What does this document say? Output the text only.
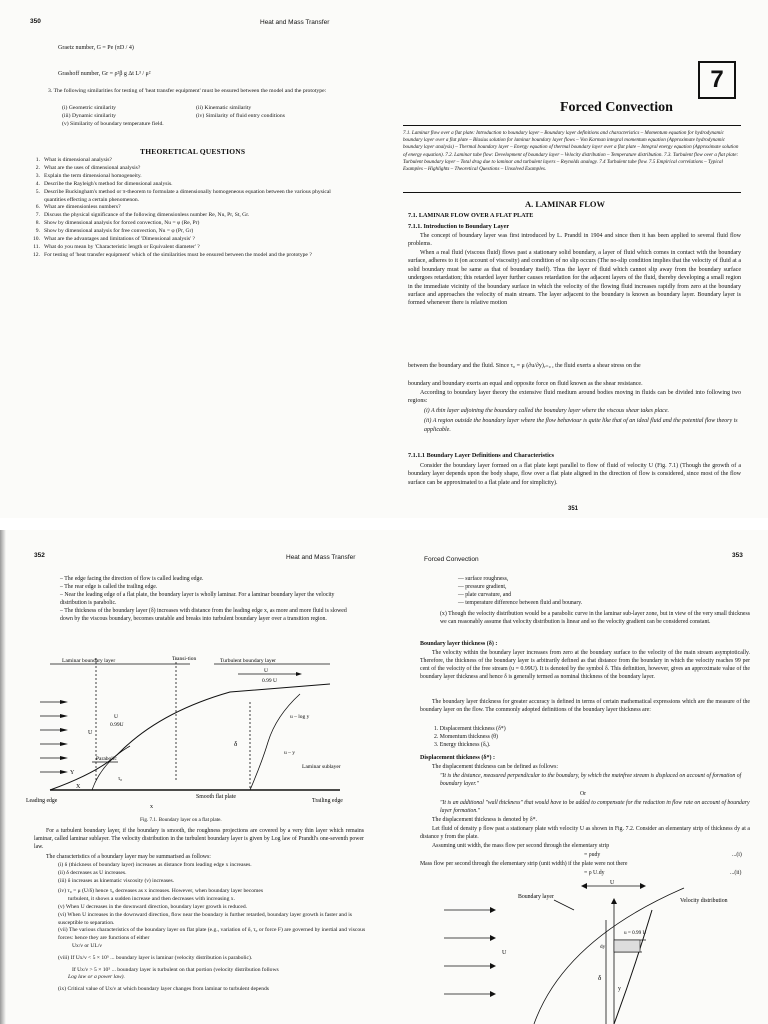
350	Heat and Mass Transfer
Graetz number, G = Pe (πD / 4)
Grashoff number, Gr = ρ²β g Δt L³ / μ²
3. The following similarities for testing of 'heat transfer equipment' must be ensured between the model and the prototype:
(i) Geometric similarity
(iii) Dynamic similarity
(v) Similarity of boundary temperature field.
(ii) Kinematic similarity
(iv) Similarity of fluid entry conditions
THEORETICAL QUESTIONS
1. What is dimensional analysis?
2. What are the uses of dimensional analysis?
3. Explain the term dimensional homogeneity.
4. Describe the Rayleigh's method for dimensional analysis.
5. Describe Buckingham's method or π-theorem to formulate a dimensionally homogeneous equation between the various physical quantities effecting a certain phenomenon.
6. What are dimensionless numbers?
7. Discuss the physical significance of the following dimensionless number Re, Nu, Pr, St, Gr.
8. Show by dimensional analysis for forced convection, Nu = φ (Re, Pr)
9. Show by dimensional analysis for free convection, Nu = φ (Pr, Gr)
10. What are the advantages and limitations of 'Dimensional analysis' ?
11. What do you mean by 'Characteristic length or Equivalent diameter' ?
12. For testing of 'heat transfer equipment' which of the similarities must be ensured between the model and the prototype ?
7
Forced Convection
7.1. Laminar flow over a flat plate: Introduction to boundary layer – Boundary layer definitions and characteristics – Momentum equation for hydrodynamic boundary layer over a flat plate – Blasius solution for laminar boundary layer flows – Von Karman integral momentum equation (Approximate hydrodynamic boundary layer analysis) – Thermal boundary layer – Energy equation of thermal boundary layer over a flat plate – Integral energy equation (Approximate solution of energy equation). 7.2. Laminar tube flow: Development of boundary layer – Velocity distribution – Temperature distribution. 7.3. Turbulent flow over a flat plate: Turbulent boundary layer – Total drag due to laminar and turbulent layers – Reynolds analogy. 7.4 Turbulent tube flow. 7.5 Empirical correlations – Typical Examples – Highlights – Theoretical Questions – Unsolved Examples.
A. LAMINAR FLOW
7.1. LAMINAR FLOW OVER A FLAT PLATE
7.1.1. Introduction to Boundary Layer
The concept of boundary layer was first introduced by L. Prandtl in 1904 and since then it has been applied to several fluid flow problems.
When a real fluid (viscous fluid) flows past a stationary solid boundary, a layer of fluid which comes in contact with the boundary surface, adheres to it (on account of viscosity) and condition of no slip occurs (The no-slip condition implies that the velocity of fluid at a solid boundary must be same as that of boundary itself). Thus the layer of fluid which cannot slip away from the boundary surface undergoes retardation; this retarded layer further causes retardation for the adjacent layers of the fluid, thereby developing a small region in the immediate vicinity of the boundary surface in which the velocity of the flowing fluid increases rapidly from zero at the boundary surface and approaches the velocity of main stream. The layer adjacent to the boundary is known as boundary layer. Boundary layer is formed whenever there is relative motion
between the boundary and the fluid. Since τ₀ = μ (∂u/∂y)ᵧ₌₀ , the fluid exerts a shear stress on the
boundary and boundary exerts an equal and opposite force on fluid known as the shear resistance.
According to boundary layer theory the extensive fluid medium around bodies moving in fluids can be divided into following two regions:

(i) A thin layer adjoining the boundary called the boundary layer where the viscous shear takes place.

(ii) A region outside the boundary layer where the flow behaviour is quite like that of an ideal fluid and the potential flow theory is applicable.

7.1.1.1 Boundary Layer Definitions and Characteristics
Consider the boundary layer formed on a flat plate kept parallel to flow of fluid of velocity U (Fig. 7.1) (Though the growth of a boundary layer depends upon the body shape, flow over a flat plate aligned in the direction of flow is considered, since most of the flow surface can be approximated to a flat plate and for simplicity).
351
352	Heat and Mass Transfer

– The edge facing the direction of flow is called leading edge.

– The rear edge is called the trailing edge.

– Near the leading edge of a flat plate, the boundary layer is wholly laminar. For a laminar boundary layer the velocity distribution is parabolic.

– The thickness of the boundary layer (δ) increases with distance from the leading edge x, as more and more fluid is slowed down by the viscous boundary, becomes unstable and breaks into turbulent boundary layer over a transition region.

Laminar boundary layer	Transi-tion	Turbulent boundary layer
0.99 U
U
u – log y
Parabolic
Laminar sublayer
Leading edge
Smooth flat plate
Trailing edge
0.99U
U
δ
Y
X
x
τ₀
u – y
U
Fig. 7.1. Boundary layer on a flat plate.
For a turbulent boundary layer, if the boundary is smooth, the roughness projections are covered by a very thin layer which remains laminar, called laminar sublayer. The velocity distribution in the turbulent boundary layer is given by Log law of Prandtl's one-seventh power law.
The characteristics of a boundary layer may be summarised as follows:

(i) δ (thickness of boundary layer) increases as distance from leading edge x increases.

(ii) δ decreases as U increases.

(iii) δ increases as kinematic viscosity (ν) increases.

(iv) τ₀ = μ (U/δ) hence τ₀ decreases as x increases. However, when boundary layer becomes

turbulent, it shows a sudden increase and then decreases with increasing x.

(v) When U decreases in the downward direction, boundary layer growth is reduced.

(vi) When U increases in the downward direction, flow near the boundary is further retarded, boundary layer growth is faster and is susceptible to separation.

(vii) The various characteristics of the boundary layer on flat plate (e.g., variation of δ, τ₀ or force F) are governed by inertial and viscous forces: hence they are functions of either

Ux/ν or UL/ν

(viii) If Ux/ν < 5 × 10⁵ ... boundary layer is laminar (velocity distribution is parabolic).

If Ux/ν > 5 × 10⁵ ... boundary layer is turbulent on that portion (velocity distribution follows

Log law or a power law).

(ix) Critical value of Ux/ν at which boundary layer changes from laminar to turbulent depends

Forced Convection
353

— surface roughness,

— pressure gradient,

— plate curvature, and

— temperature difference between fluid and bounary.

(x) Though the velocity distribution would be a parabolic curve in the laminar sub-layer zone, but in view of the very small thickness we can reasonably assume that velocity distribution is linear and so the velocity gradient can be considered constant.
Boundary layer thickness (δ) :
The velocity within the boundary layer increases from zero at the boundary surface to the velocity of the main stream asymptotically. Therefore, the thickness of the boundary layer is arbitrarily defined as that distance from the boundary in which the velocity reaches 99 per cent of the velocity of the free stream (u = 0.99U). It is denoted by the symbol δ. This definition, however, gives an approximate value of the boundary layer thickness and hence δ is generally termed as nominal thickness of the boundary layer.
The boundary layer thickness for greater accuracy is defined in terms of certain mathematical expressions which are the measure of the boundary layer on the flow. The commonly adopted definitions of the boundary layer thickness are:

1. Displacement thickness (δ*)

2. Momentum thickness (θ)

3. Energy thickness (δₑ).

Displacement thickness (δ*) :
The displacement thickness can be defined as follows:
"It is the distance, measured perpendicular to the boundary, by which the mainfree stream is displaced on account of formation of boundary layer."
Or
"It is an additional "wall thickness" that would have to be added to compensate for the reduction in flow rate on account of boundary layer formation."
The displacement thickness is denoted by δ*.
Let fluid of density ρ flow past a stationary plate with velocity U as shown in Fig. 7.2. Consider an elementary strip of thickness dy at a distance y from the plate.
Assuming unit width, the mass flow per second through the elementary strip
= ρudy	...(i)
Mass flow per second through the elementary strip (unit width) if the plate were not there
= ρ U.dy	...(ii)
Boundary layer
U
Velocity distribution
u = 0.99 U
dy
δ
y
U
